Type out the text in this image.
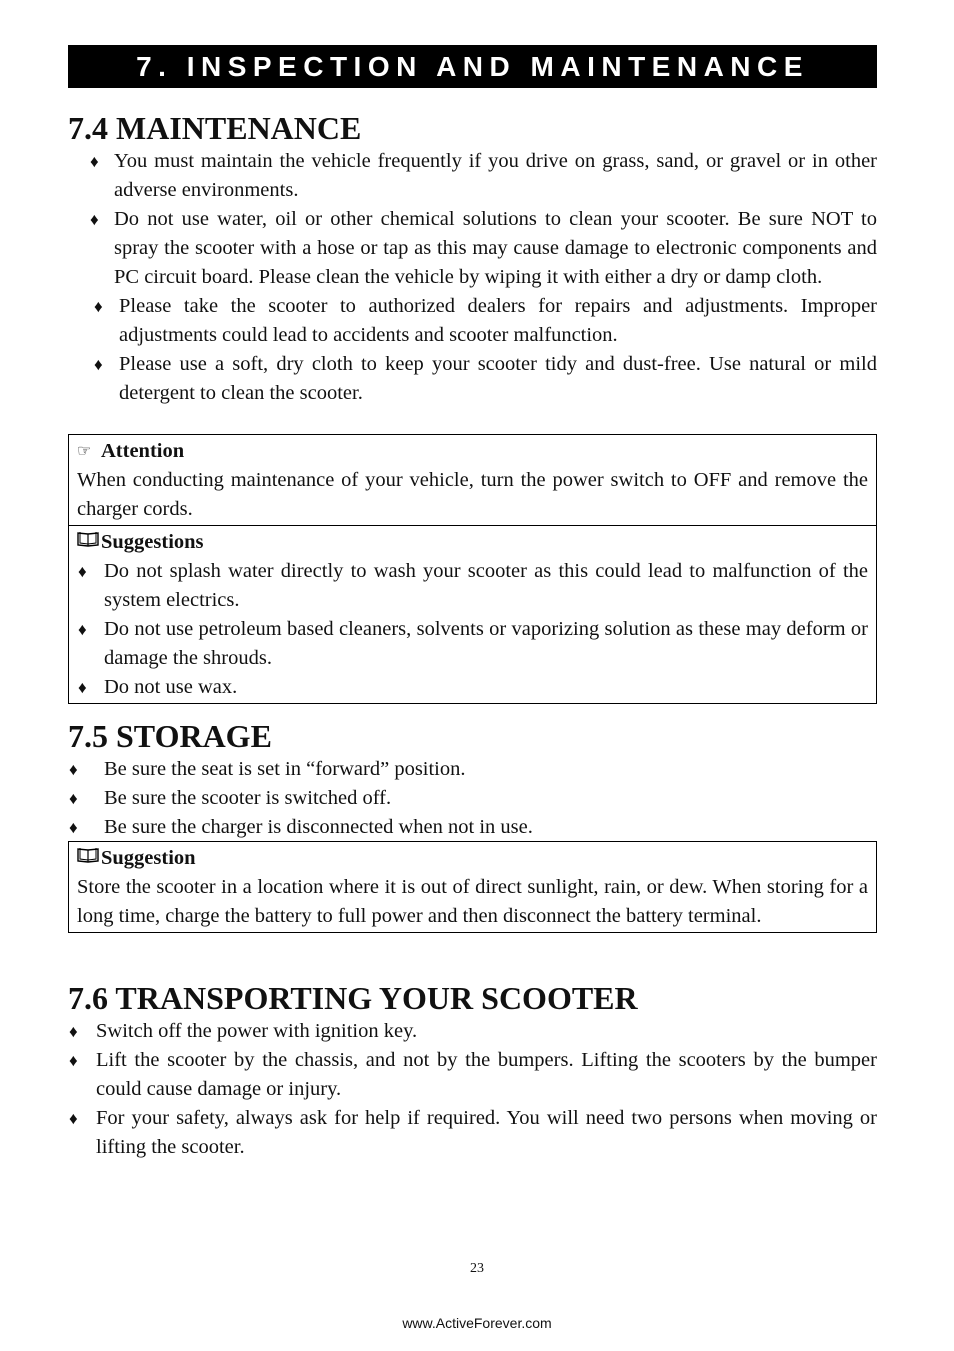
7. INSPECTION AND MAINTENANCE
7.4 MAINTENANCE
♦ You must maintain the vehicle frequently if you drive on grass, sand, or gravel or in other adverse environments.
♦ Do not use water, oil or other chemical solutions to clean your scooter. Be sure NOT to spray the scooter with a hose or tap as this may cause damage to electronic components and PC circuit board. Please clean the vehicle by wiping it with either a dry or damp cloth.
♦ Please take the scooter to authorized dealers for repairs and adjustments. Improper adjustments could lead to accidents and scooter malfunction.
♦ Please use a soft, dry cloth to keep your scooter tidy and dust-free. Use natural or mild detergent to clean the scooter.
☞ Attention

When conducting maintenance of your vehicle, turn the power switch to OFF and remove the charger cords.

Suggestions
♦ Do not splash water directly to wash your scooter as this could lead to malfunction of the system electrics.
♦ Do not use petroleum based cleaners, solvents or vaporizing solution as these may deform or damage the shrouds.
♦ Do not use wax.
7.5 STORAGE
♦ Be sure the seat is set in “forward” position.
♦ Be sure the scooter is switched off.
♦ Be sure the charger is disconnected when not in use.
Suggestion

Store the scooter in a location where it is out of direct sunlight, rain, or dew. When storing for a long time, charge the battery to full power and then disconnect the battery terminal.

7.6 TRANSPORTING YOUR SCOOTER
♦ Switch off the power with ignition key.
♦ Lift the scooter by the chassis, and not by the bumpers. Lifting the scooters by the bumper could cause damage or injury.
♦ For your safety, always ask for help if required. You will need two persons when moving or lifting the scooter.
23
www.ActiveForever.com
